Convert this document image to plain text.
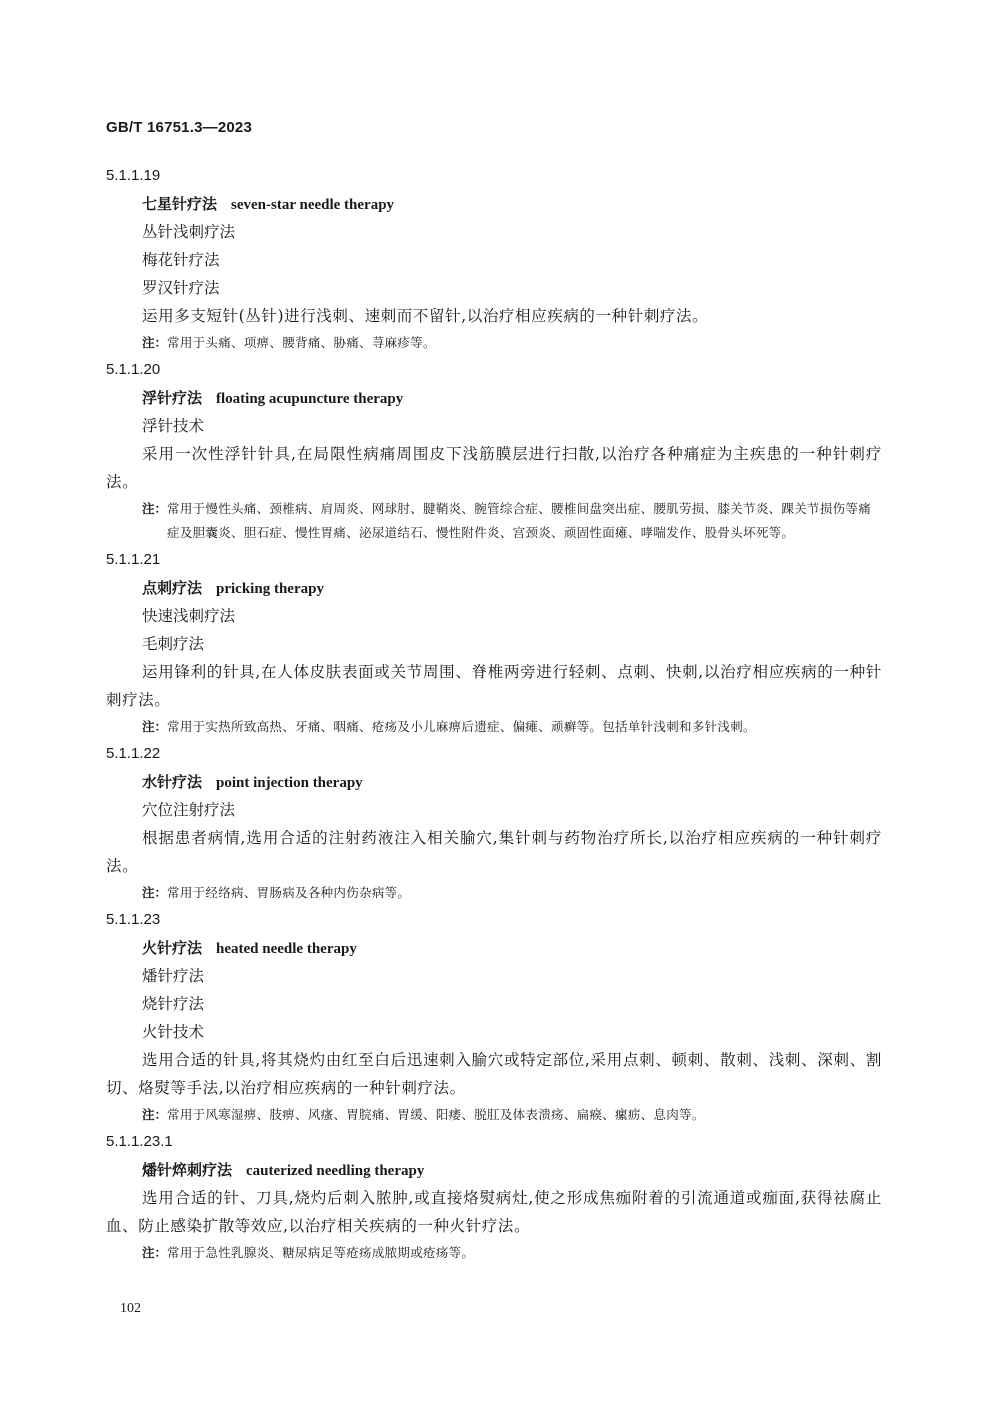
GB/T 16751.3—2023
5.1.1.19
七星针疗法 seven-star needle therapy
丛针浅刺疗法
梅花针疗法
罗汉针疗法
运用多支短针(丛针)进行浅刺、速刺而不留针,以治疗相应疾病的一种针刺疗法。
注： 常用于头痛、项痹、腰背痛、胁痛、荨麻疹等。
5.1.1.20
浮针疗法 floating acupuncture therapy
浮针技术
采用一次性浮针针具,在局限性病痛周围皮下浅筋膜层进行扫散,以治疗各种痛症为主疾患的一种针刺疗法。
注： 常用于慢性头痛、颈椎病、肩周炎、网球肘、腱鞘炎、腕管综合症、腰椎间盘突出症、腰肌劳损、膝关节炎、踝关节损伤等痛症及胆囊炎、胆石症、慢性胃痛、泌尿道结石、慢性附件炎、宫颈炎、顽固性面瘫、哮喘发作、股骨头坏死等。
5.1.1.21
点刺疗法 pricking therapy
快速浅刺疗法
毛刺疗法
运用锋利的针具,在人体皮肤表面或关节周围、脊椎两旁进行轻刺、点刺、快刺,以治疗相应疾病的一种针刺疗法。
注： 常用于实热所致高热、牙痛、咽痛、疮疡及小儿麻痹后遗症、偏瘫、顽癣等。包括单针浅刺和多针浅刺。
5.1.1.22
水针疗法 point injection therapy
穴位注射疗法
根据患者病情,选用合适的注射药液注入相关腧穴,集针刺与药物治疗所长,以治疗相应疾病的一种针刺疗法。
注： 常用于经络病、胃肠病及各种内伤杂病等。
5.1.1.23
火针疗法 heated needle therapy
燔针疗法
烧针疗法
火针技术
选用合适的针具,将其烧灼由红至白后迅速刺入腧穴或特定部位,采用点刺、顿刺、散刺、浅刺、深刺、割切、烙熨等手法,以治疗相应疾病的一种针刺疗法。
注： 常用于风寒湿痹、肢痹、风瘙、胃脘痛、胃缓、阳痿、脱肛及体表溃疡、扁瘊、瘰疬、息肉等。
5.1.1.23.1
燔针焠刺疗法 cauterized needling therapy
选用合适的针、刀具,烧灼后刺入脓肿,或直接烙熨病灶,使之形成焦痂附着的引流通道或痂面,获得祛腐止血、防止感染扩散等效应,以治疗相关疾病的一种火针疗法。
注： 常用于急性乳腺炎、糖尿病足等疮疡成脓期或疮疡等。
102
